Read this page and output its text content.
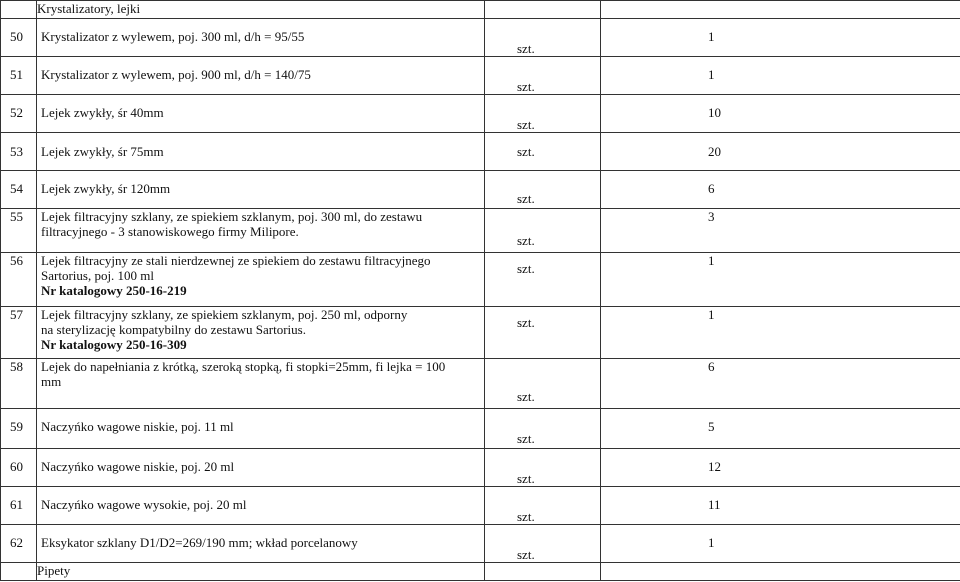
	Krystalizatory, lejki		
50	Krystalizator z wylewem, poj. 300 ml, d/h = 95/55	szt.	1
51	Krystalizator z wylewem, poj. 900 ml, d/h = 140/75	szt.	1
52	Lejek zwykły, śr 40mm	szt.	10
53	Lejek zwykły, śr 75mm	szt.	20
54	Lejek zwykły, śr 120mm	szt.	6
55	Lejek filtracyjny szklany, ze spiekiem szklanym, poj. 300 ml, do zestawu
filtracyjnego - 3 stanowiskowego firmy Milipore.	szt.	3
56	Lejek filtracyjny ze stali nierdzewnej ze spiekiem do zestawu filtracyjnego
Sartorius, poj. 100 ml
Nr katalogowy 250-16-219	szt.	1
57	Lejek filtracyjny szklany, ze spiekiem szklanym, poj. 250 ml, odporny
na sterylizację kompatybilny do zestawu Sartorius.
Nr katalogowy 250-16-309	szt.	1
58	Lejek do napełniania z krótką, szeroką stopką, fi stopki=25mm, fi lejka = 100
mm	szt.	6
59	Naczyńko wagowe niskie, poj. 11 ml	szt.	5
60	Naczyńko wagowe niskie, poj. 20 ml	szt.	12
61	Naczyńko wagowe wysokie, poj. 20 ml	szt.	11
62	Eksykator szklany D1/D2=269/190 mm; wkład porcelanowy	szt.	1
	Pipety		
